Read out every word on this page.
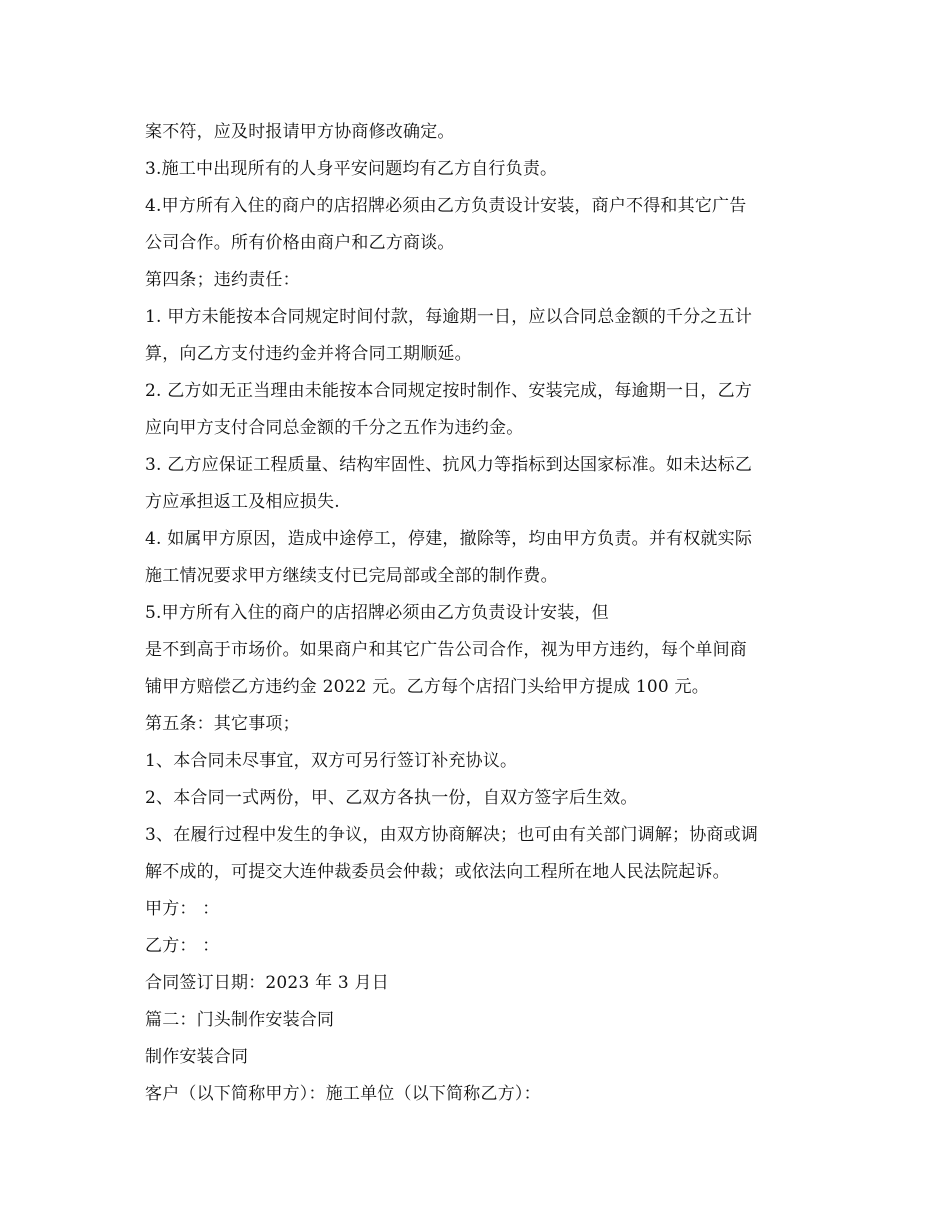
案不符，应及时报请甲方协商修改确定。
3.施工中出现所有的人身平安问题均有乙方自行负责。
4.甲方所有入住的商户的店招牌必须由乙方负责设计安装，商户不得和其它广告
公司合作。所有价格由商户和乙方商谈。
第四条；违约责任：
1. 甲方未能按本合同规定时间付款，每逾期一日，应以合同总金额的千分之五计
算，向乙方支付违约金并将合同工期顺延。
2. 乙方如无正当理由未能按本合同规定按时制作、安装完成，每逾期一日，乙方
应向甲方支付合同总金额的千分之五作为违约金。
3. 乙方应保证工程质量、结构牢固性、抗风力等指标到达国家标准。如未达标乙
方应承担返工及相应损失.
4. 如属甲方原因，造成中途停工，停建，撤除等，均由甲方负责。并有权就实际
施工情况要求甲方继续支付已完局部或全部的制作费。
5.甲方所有入住的商户的店招牌必须由乙方负责设计安装，但
是不到高于市场价。如果商户和其它广告公司合作，视为甲方违约，每个单间商
铺甲方赔偿乙方违约金 2022 元。乙方每个店招门头给甲方提成 100 元。
第五条：其它事项；
1、本合同未尽事宜，双方可另行签订补充协议。
2、本合同一式两份，甲、乙双方各执一份，自双方签字后生效。
3、在履行过程中发生的争议，由双方协商解决；也可由有关部门调解；协商或调
解不成的，可提交大连仲裁委员会仲裁；或依法向工程所在地人民法院起诉。
甲方： ：
乙方： ：
合同签订日期：2023 年 3 月日
篇二：门头制作安装合同
制作安装合同
客户（以下简称甲方）：施工单位（以下简称乙方）：
